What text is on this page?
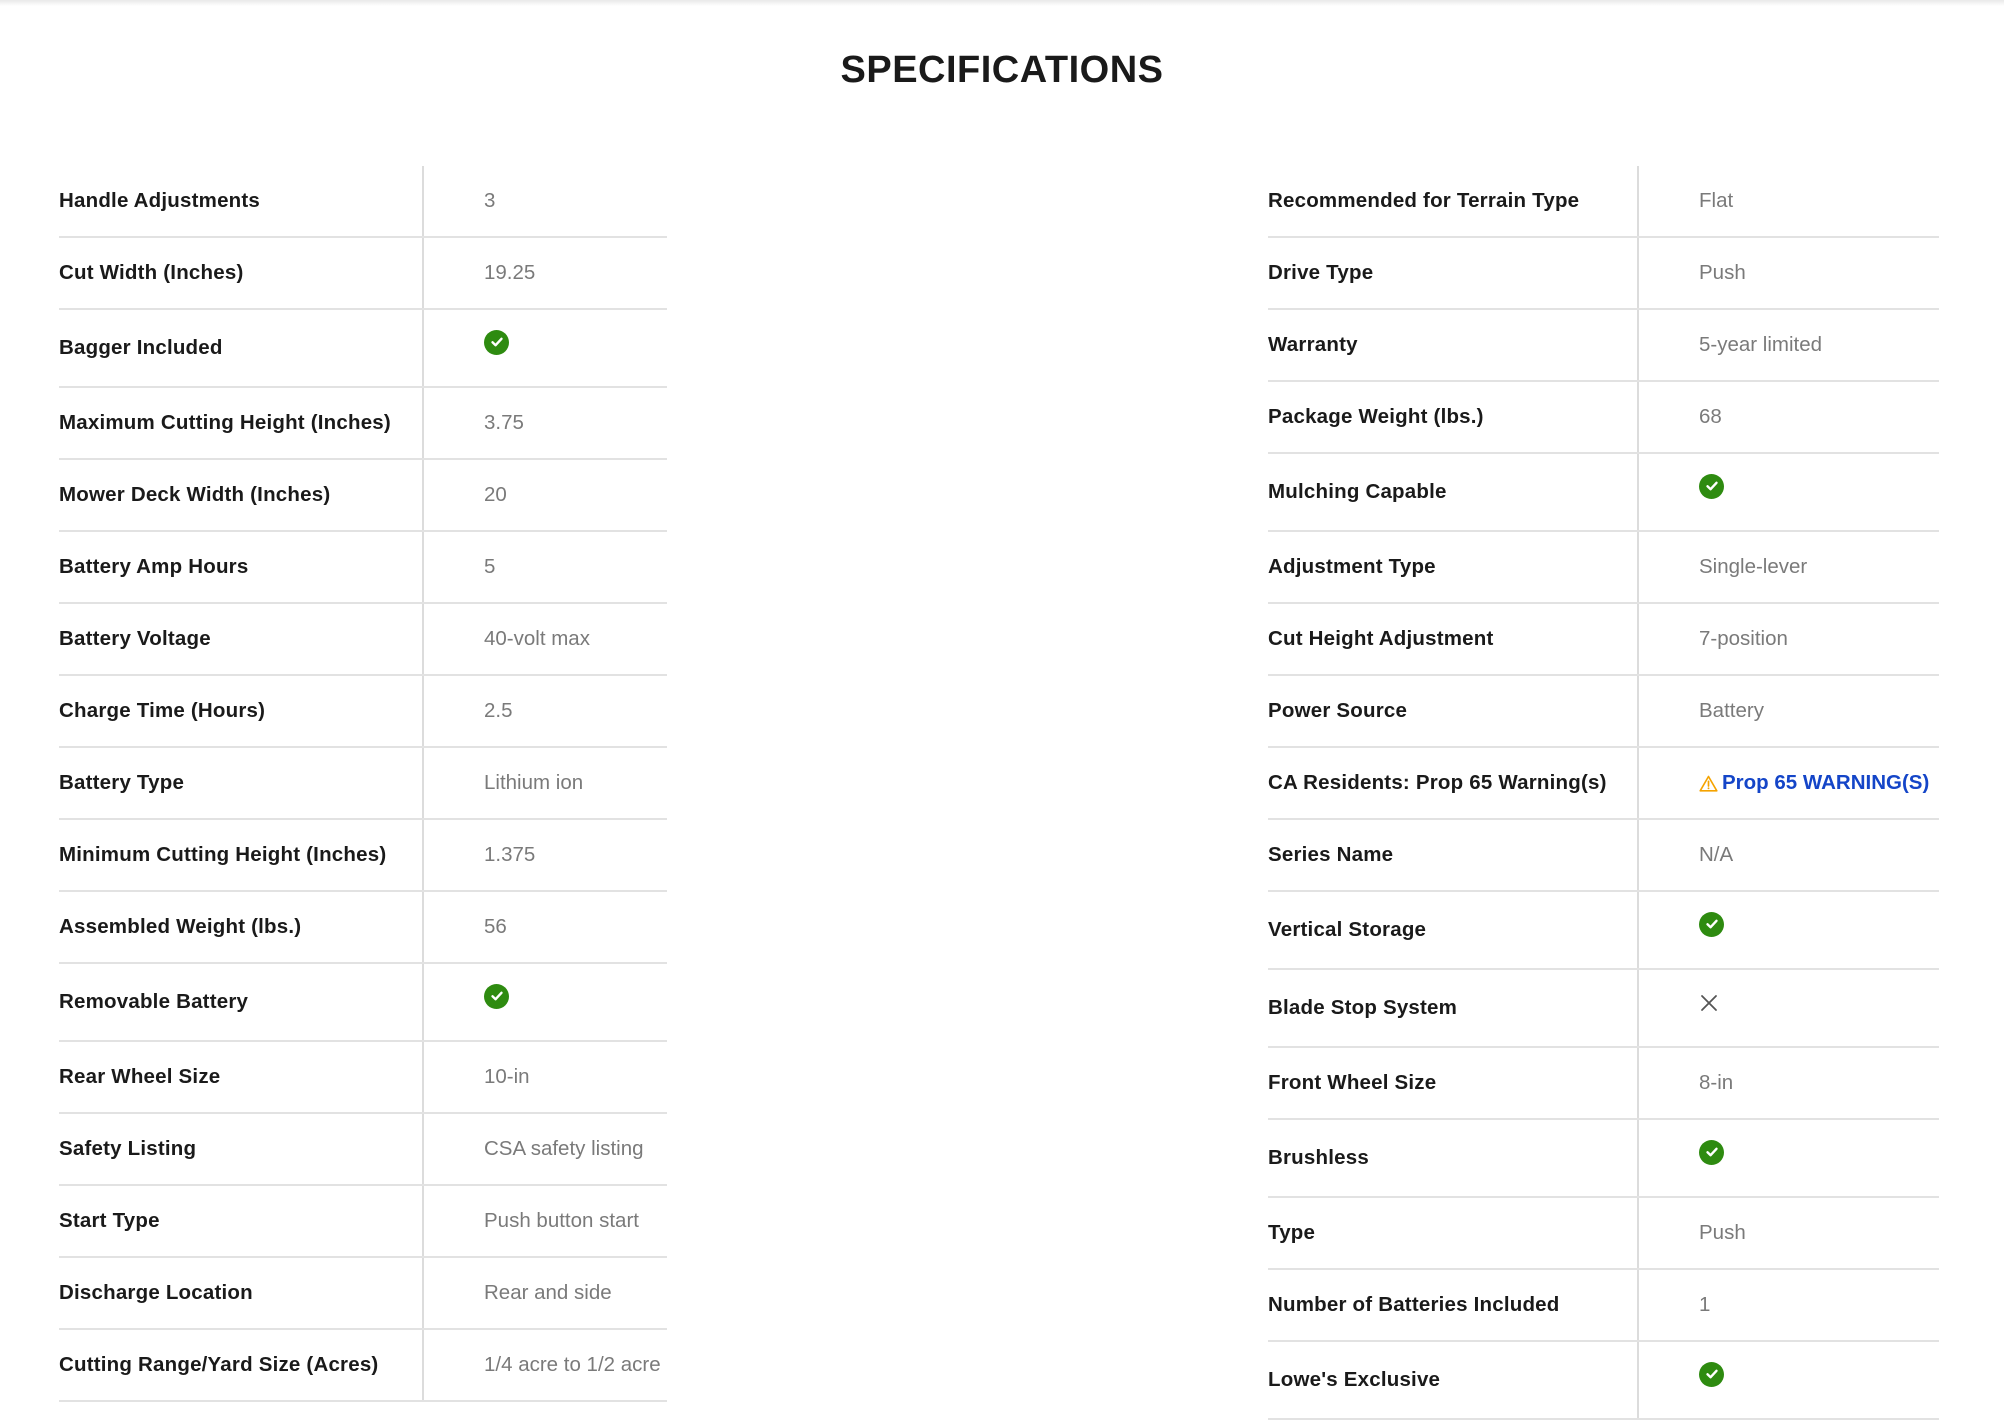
SPECIFICATIONS
Handle Adjustments	3
Cut Width (Inches)	19.25
Bagger Included
Maximum Cutting Height (Inches)	3.75
Mower Deck Width (Inches)	20
Battery Amp Hours	5
Battery Voltage	40-volt max
Charge Time (Hours)	2.5
Battery Type	Lithium ion
Minimum Cutting Height (Inches)	1.375
Assembled Weight (lbs.)	56
Removable Battery
Rear Wheel Size	10-in
Safety Listing	CSA safety listing
Start Type	Push button start
Discharge Location	Rear and side
Cutting Range/Yard Size (Acres)	1/4 acre to 1/2 acre
Recommended for Terrain Type	Flat
Drive Type	Push
Warranty	5-year limited
Package Weight (lbs.)	68
Mulching Capable
Adjustment Type	Single-lever
Cut Height Adjustment	7-position
Power Source	Battery
CA Residents: Prop 65 Warning(s)	Prop 65 WARNING(S)
Series Name	N/A
Vertical Storage
Blade Stop System
Front Wheel Size	8-in
Brushless
Type	Push
Number of Batteries Included	1
Lowe's Exclusive
